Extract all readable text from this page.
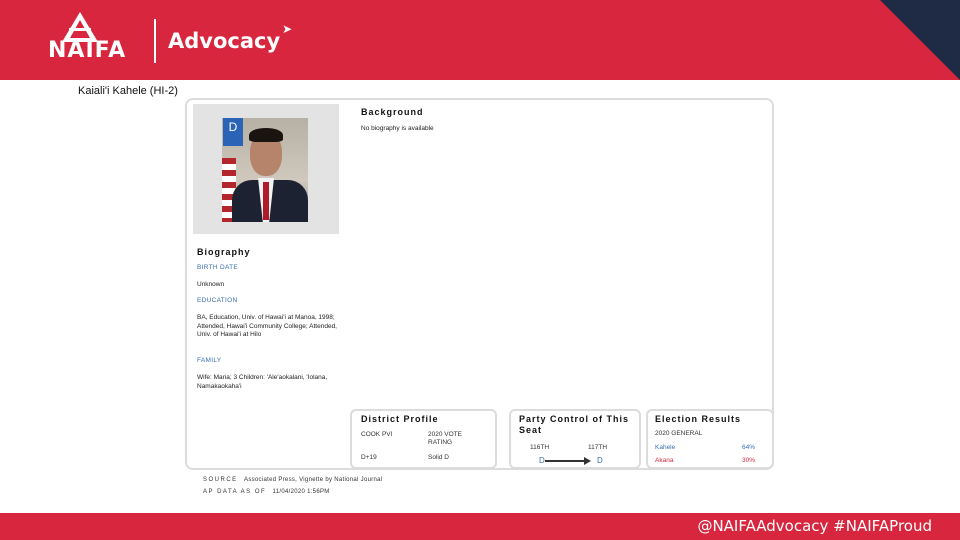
NAIFA Advocacy ➤
Kaiali'i Kahele (HI-2)
D
Background
No biography is available
Biography
BIRTH DATE
Unknown
EDUCATION
BA, Education, Univ. of Hawai'i at Manoa, 1998; Attended, Hawai'i Community College; Attended, Univ. of Hawai'i at Hilo
FAMILY
Wife: Maria; 3 Children: 'Ale'aokalani, 'Iolana, Namakaokaha'i
District Profile
COOK PVI	2020 VOTE RATING
D+19	Solid D
Party Control of This Seat
116TH	117TH
D	D
Election Results
2020 GENERAL
Kahele	64%
Akana	30%
SOURCE Associated Press, Vignette by National Journal
AP DATA AS OF 11/04/2020 1:56PM
@NAIFAAdvocacy #NAIFAProud
